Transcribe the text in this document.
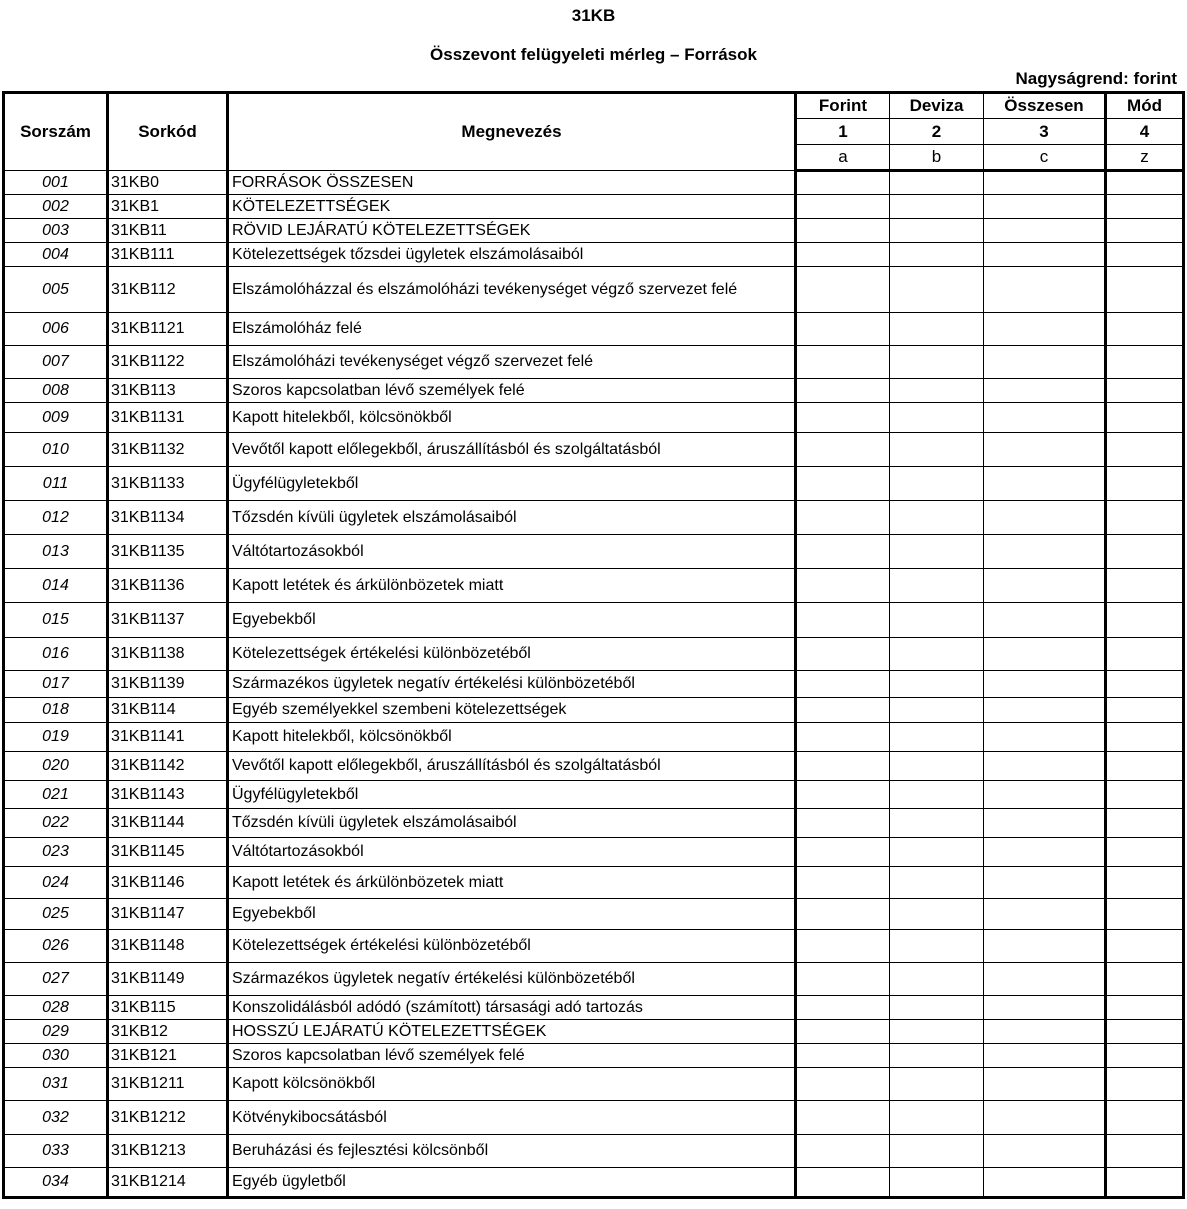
31KB
Összevont felügyeleti mérleg – Források
Nagyságrend: forint
Sorszám	Sorkód	Megnevezés	Forint	Deviza	Összesen	Mód
			1	2	3	4
			a	b	c	z
001	31KB0	FORRÁSOK ÖSSZESEN				
002	31KB1	KÖTELEZETTSÉGEK				
003	31KB11	RÖVID LEJÁRATÚ KÖTELEZETTSÉGEK				
004	31KB111	Kötelezettségek tőzsdei ügyletek elszámolásaiból				
005	31KB112	Elszámolóházzal és elszámolóházi tevékenységet végző szervezet felé				
006	31KB1121	Elszámolóház felé				
007	31KB1122	Elszámolóházi tevékenységet végző szervezet felé				
008	31KB113	Szoros kapcsolatban lévő személyek felé				
009	31KB1131	Kapott hitelekből, kölcsönökből				
010	31KB1132	Vevőtől kapott előlegekből, áruszállításból és szolgáltatásból				
011	31KB1133	Ügyfélügyletekből				
012	31KB1134	Tőzsdén kívüli ügyletek elszámolásaiból				
013	31KB1135	Váltótartozásokból				
014	31KB1136	Kapott letétek és árkülönbözetek miatt				
015	31KB1137	Egyebekből				
016	31KB1138	Kötelezettségek értékelési különbözetéből				
017	31KB1139	Származékos ügyletek negatív értékelési különbözetéből				
018	31KB114	Egyéb személyekkel szembeni kötelezettségek				
019	31KB1141	Kapott hitelekből, kölcsönökből				
020	31KB1142	Vevőtől kapott előlegekből, áruszállításból és szolgáltatásból				
021	31KB1143	Ügyfélügyletekből				
022	31KB1144	Tőzsdén kívüli ügyletek elszámolásaiból				
023	31KB1145	Váltótartozásokból				
024	31KB1146	Kapott letétek és árkülönbözetek miatt				
025	31KB1147	Egyebekből				
026	31KB1148	Kötelezettségek értékelési különbözetéből				
027	31KB1149	Származékos ügyletek negatív értékelési különbözetéből				
028	31KB115	Konszolidálásból adódó (számított) társasági adó tartozás				
029	31KB12	HOSSZÚ LEJÁRATÚ KÖTELEZETTSÉGEK				
030	31KB121	Szoros kapcsolatban lévő személyek felé				
031	31KB1211	Kapott kölcsönökből				
032	31KB1212	Kötvénykibocsátásból				
033	31KB1213	Beruházási és fejlesztési kölcsönből				
034	31KB1214	Egyéb ügyletből				
